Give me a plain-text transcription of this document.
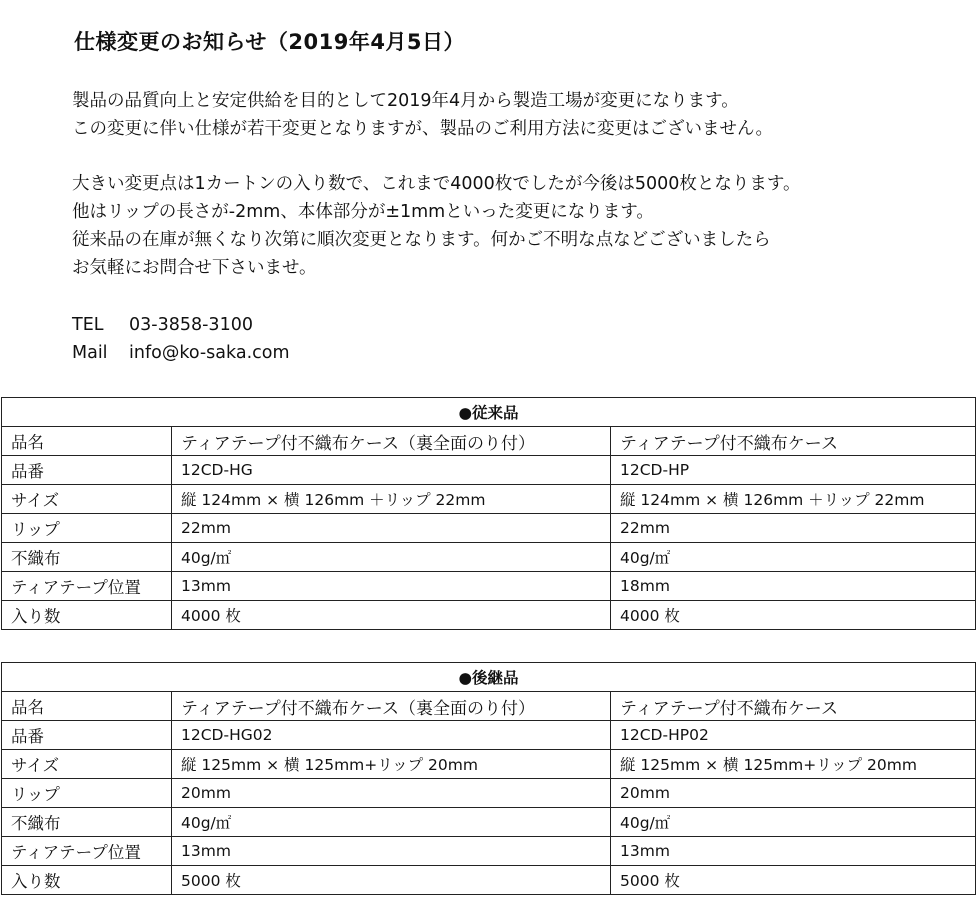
仕様変更のお知らせ（2019年4月5日）
製品の品質向上と安定供給を目的として2019年4月から製造工場が変更になります。
この変更に伴い仕様が若干変更となりますが、製品のご利用方法に変更はございません。
大きい変更点は1カートンの入り数で、これまで4000枚でしたが今後は5000枚となります。
他はリップの長さが-2mm、本体部分が±1mmといった変更になります。
従来品の在庫が無くなり次第に順次変更となります。何かご不明な点などございましたら
お気軽にお問合せ下さいませ。
TEL 03-3858-3100
Mail info@ko-saka.com
●従来品		
品名	ティアテープ付不織布ケース（裏全面のり付）	ティアテープ付不織布ケース
品番	12CD-HG	12CD-HP
サイズ	縦 124mm × 横 126mm ＋リップ 22mm	縦 124mm × 横 126mm ＋リップ 22mm
リップ	22mm	22mm
不織布	40g/㎡	40g/㎡
ティアテープ位置	13mm	18mm
入り数	4000 枚	4000 枚
●後継品		
品名	ティアテープ付不織布ケース（裏全面のり付）	ティアテープ付不織布ケース
品番	12CD-HG02	12CD-HP02
サイズ	縦 125mm × 横 125mm+リップ 20mm	縦 125mm × 横 125mm+リップ 20mm
リップ	20mm	20mm
不織布	40g/㎡	40g/㎡
ティアテープ位置	13mm	13mm
入り数	5000 枚	5000 枚
